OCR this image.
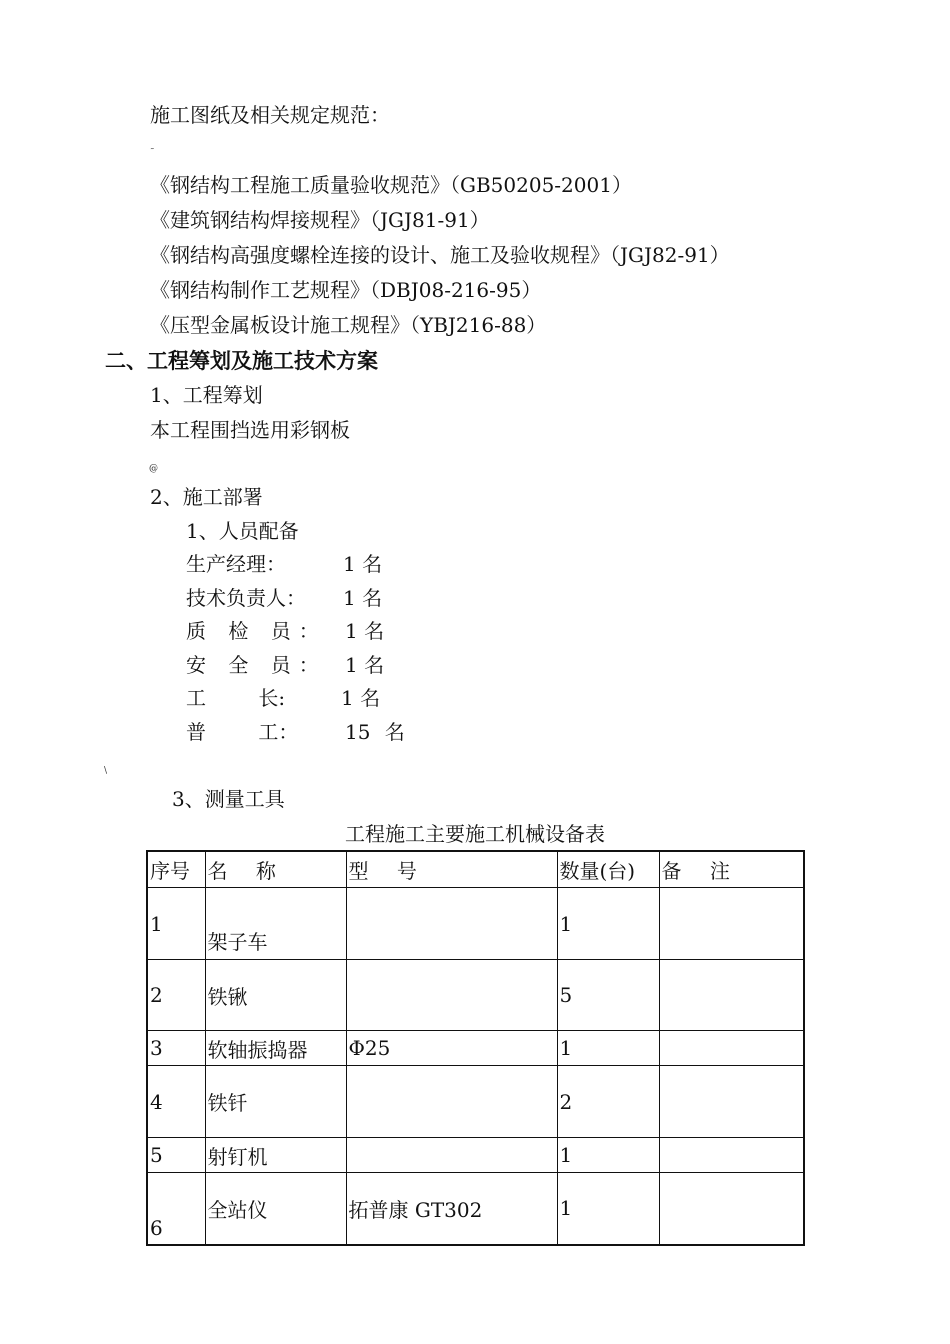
施工图纸及相关规定规范：
˜
《钢结构工程施工质量验收规范》（GB50205-2001）
《建筑钢结构焊接规程》（JGJ81-91）
《钢结构高强度螺栓连接的设计、施工及验收规程》（JGJ82-91）
《钢结构制作工艺规程》（DBJ08-216-95）
《压型金属板设计施工规程》（YBJ216-88）
二、工程筹划及施工技术方案
1、工程筹划
本工程围挡选用彩钢板
@
2、施工部署
1、人员配备
生产经理：	1 名
技术负责人： 1 名
质 检 员： 1 名
安 全 员： 1 名
工 长:	1 名
普 工： 15 名
\
3、测量工具
工程施工主要施工机械设备表
序号	名 称	型 号	数量(台)	备 注
1	架子车		1	
2	铁锹		5	
3	软轴振捣器	Φ25	1	
4	铁钎		2	
5	射钉机		1	
6	全站仪	拓普康 GT302	1	
